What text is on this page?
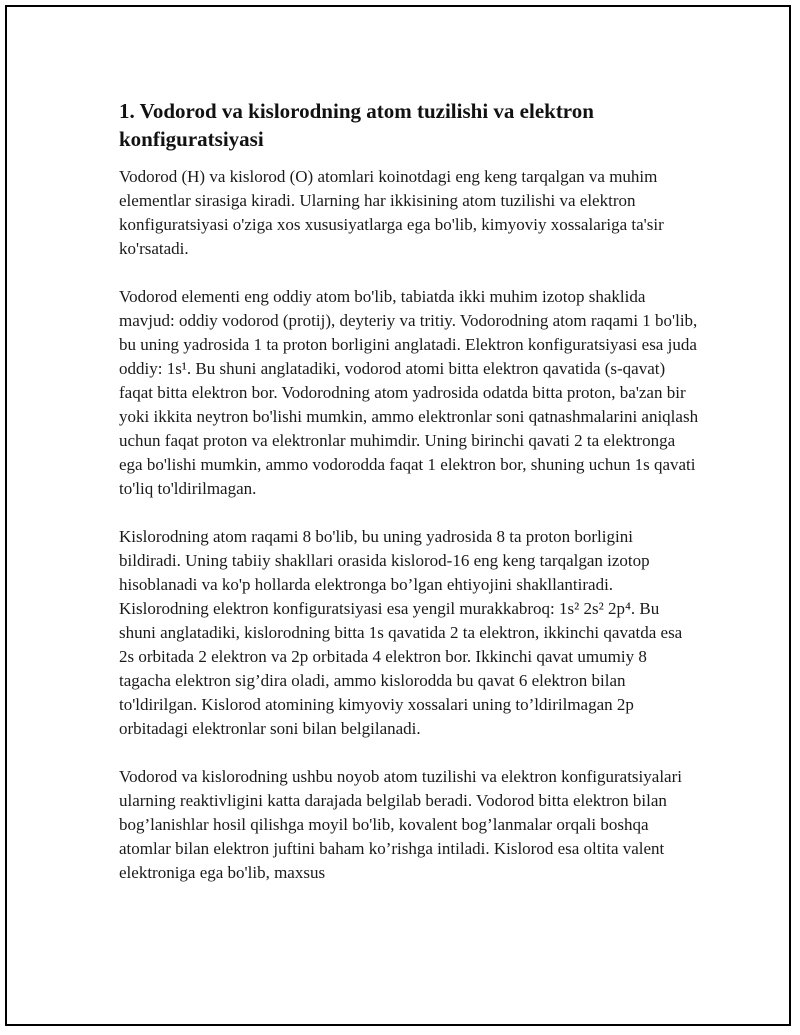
1. Vodorod va kislorodning atom tuzilishi va elektron konfiguratsiyasi

Vodorod (H) va kislorod (O) atomlari koinotdagi eng keng tarqalgan va muhim elementlar sirasiga kiradi. Ularning har ikkisining atom tuzilishi va elektron konfiguratsiyasi o'ziga xos xususiyatlarga ega bo'lib, kimyoviy xossalariga ta'sir ko'rsatadi.

Vodorod elementi eng oddiy atom bo'lib, tabiatda ikki muhim izotop shaklida mavjud: oddiy vodorod (protij), deyteriy va tritiy. Vodorodning atom raqami 1 bo'lib, bu uning yadrosida 1 ta proton borligini anglatadi. Elektron konfiguratsiyasi esa juda oddiy: 1s¹. Bu shuni anglatadiki, vodorod atomi bitta elektron qavatida (s-qavat) faqat bitta elektron bor. Vodorodning atom yadrosida odatda bitta proton, ba'zan bir yoki ikkita neytron bo'lishi mumkin, ammo elektronlar soni qatnashmalarini aniqlash uchun faqat proton va elektronlar muhimdir. Uning birinchi qavati 2 ta elektronga ega bo'lishi mumkin, ammo vodorodda faqat 1 elektron bor, shuning uchun 1s qavati to'liq to'ldirilmagan.

Kislorodning atom raqami 8 bo'lib, bu uning yadrosida 8 ta proton borligini bildiradi. Uning tabiiy shakllari orasida kislorod-16 eng keng tarqalgan izotop hisoblanadi va ko'p hollarda elektronga bo’lgan ehtiyojini shakllantiradi. Kislorodning elektron konfiguratsiyasi esa yengil murakkabroq: 1s² 2s² 2p⁴. Bu shuni anglatadiki, kislorodning bitta 1s qavatida 2 ta elektron, ikkinchi qavatda esa 2s orbitada 2 elektron va 2p orbitada 4 elektron bor. Ikkinchi qavat umumiy 8 tagacha elektron sig’dira oladi, ammo kislorodda bu qavat 6 elektron bilan to'ldirilgan. Kislorod atomining kimyoviy xossalari uning to’ldirilmagan 2p orbitadagi elektronlar soni bilan belgilanadi.

Vodorod va kislorodning ushbu noyob atom tuzilishi va elektron konfiguratsiyalari ularning reaktivligini katta darajada belgilab beradi. Vodorod bitta elektron bilan bog’lanishlar hosil qilishga moyil bo'lib, kovalent bog’lanmalar orqali boshqa atomlar bilan elektron juftini baham ko’rishga intiladi. Kislorod esa oltita valent elektroniga ega bo'lib, maxsus
